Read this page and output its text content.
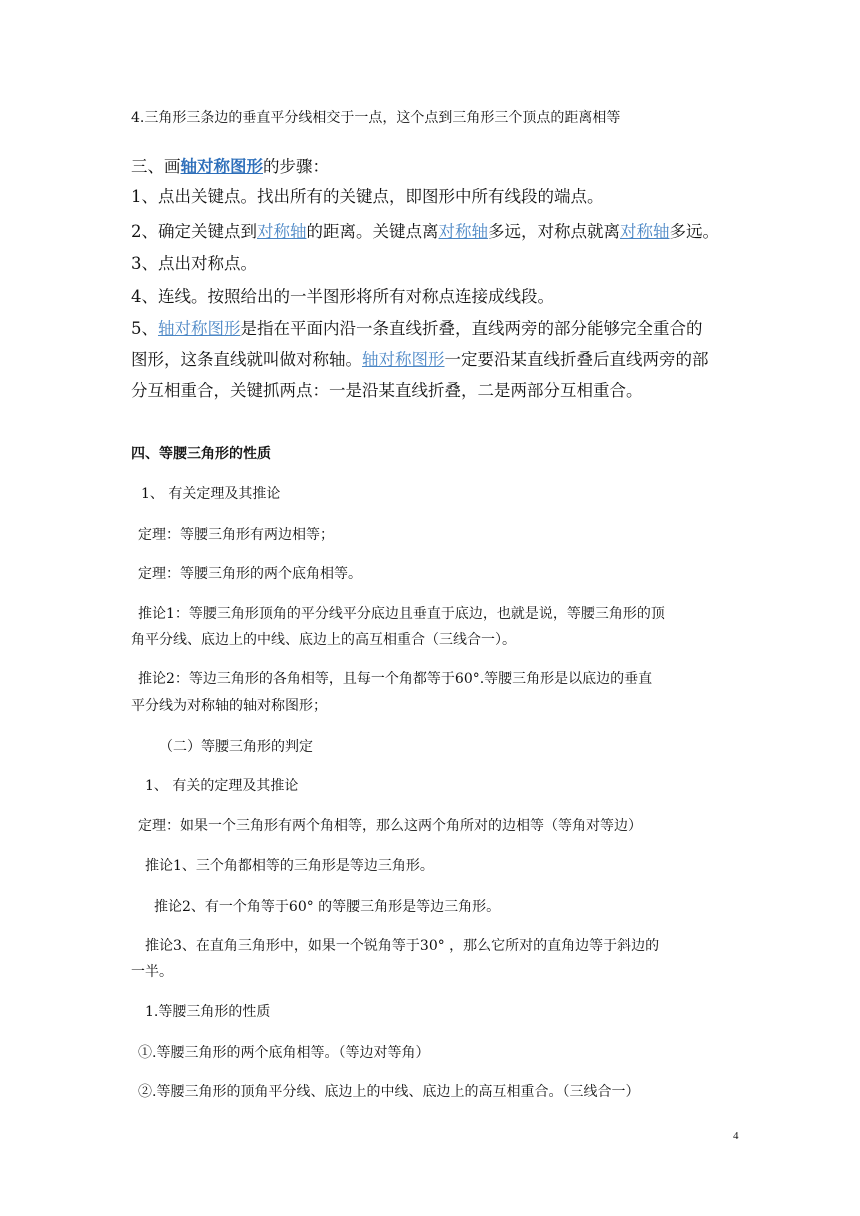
4.三角形三条边的垂直平分线相交于一点，这个点到三角形三个顶点的距离相等
三、画轴对称图形的步骤：
1、点出关键点。找出所有的关键点，即图形中所有线段的端点。
2、确定关键点到对称轴的距离。关键点离对称轴多远，对称点就离对称轴多远。
3、点出对称点。
4、连线。按照给出的一半图形将所有对称点连接成线段。
5、轴对称图形是指在平面内沿一条直线折叠，直线两旁的部分能够完全重合的
图形，这条直线就叫做对称轴。轴对称图形一定要沿某直线折叠后直线两旁的部
分互相重合，关键抓两点：一是沿某直线折叠，二是两部分互相重合。
四、等腰三角形的性质
1、 有关定理及其推论
定理：等腰三角形有两边相等；
定理：等腰三角形的两个底角相等。
推论1：等腰三角形顶角的平分线平分底边且垂直于底边，也就是说，等腰三角形的顶
角平分线、底边上的中线、底边上的高互相重合（三线合一）。
推论2：等边三角形的各角相等，且每一个角都等于60°.等腰三角形是以底边的垂直
平分线为对称轴的轴对称图形；
（二）等腰三角形的判定
1、 有关的定理及其推论
定理：如果一个三角形有两个角相等，那么这两个角所对的边相等（等角对等边）
推论1、三个角都相等的三角形是等边三角形。
推论2、有一个角等于60° 的等腰三角形是等边三角形。
推论3、在直角三角形中，如果一个锐角等于30° ，那么它所对的直角边等于斜边的
一半。
1.等腰三角形的性质
①.等腰三角形的两个底角相等。（等边对等角）
②.等腰三角形的顶角平分线、底边上的中线、底边上的高互相重合。（三线合一）
4
